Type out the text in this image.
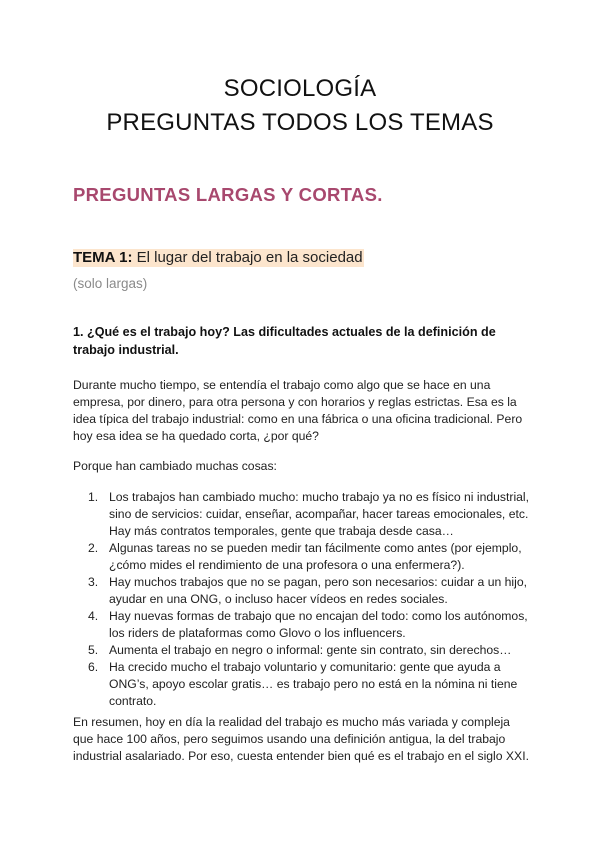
SOCIOLOGÍA
PREGUNTAS TODOS LOS TEMAS
PREGUNTAS LARGAS Y CORTAS.
TEMA 1: El lugar del trabajo en la sociedad
(solo largas)
1. ¿Qué es el trabajo hoy? Las dificultades actuales de la definición de trabajo industrial.
Durante mucho tiempo, se entendía el trabajo como algo que se hace en una empresa, por dinero, para otra persona y con horarios y reglas estrictas. Esa es la idea típica del trabajo industrial: como en una fábrica o una oficina tradicional. Pero hoy esa idea se ha quedado corta, ¿por qué?
Porque han cambiado muchas cosas:
1. Los trabajos han cambiado mucho: mucho trabajo ya no es físico ni industrial, sino de servicios: cuidar, enseñar, acompañar, hacer tareas emocionales, etc. Hay más contratos temporales, gente que trabaja desde casa…
2. Algunas tareas no se pueden medir tan fácilmente como antes (por ejemplo, ¿cómo mides el rendimiento de una profesora o una enfermera?).
3. Hay muchos trabajos que no se pagan, pero son necesarios: cuidar a un hijo, ayudar en una ONG, o incluso hacer vídeos en redes sociales.
4. Hay nuevas formas de trabajo que no encajan del todo: como los autónomos, los riders de plataformas como Glovo o los influencers.
5. Aumenta el trabajo en negro o informal: gente sin contrato, sin derechos…
6. Ha crecido mucho el trabajo voluntario y comunitario: gente que ayuda a ONG’s, apoyo escolar gratis… es trabajo pero no está en la nómina ni tiene contrato.
En resumen, hoy en día la realidad del trabajo es mucho más variada y compleja que hace 100 años, pero seguimos usando una definición antigua, la del trabajo industrial asalariado. Por eso, cuesta entender bien qué es el trabajo en el siglo XXI.
